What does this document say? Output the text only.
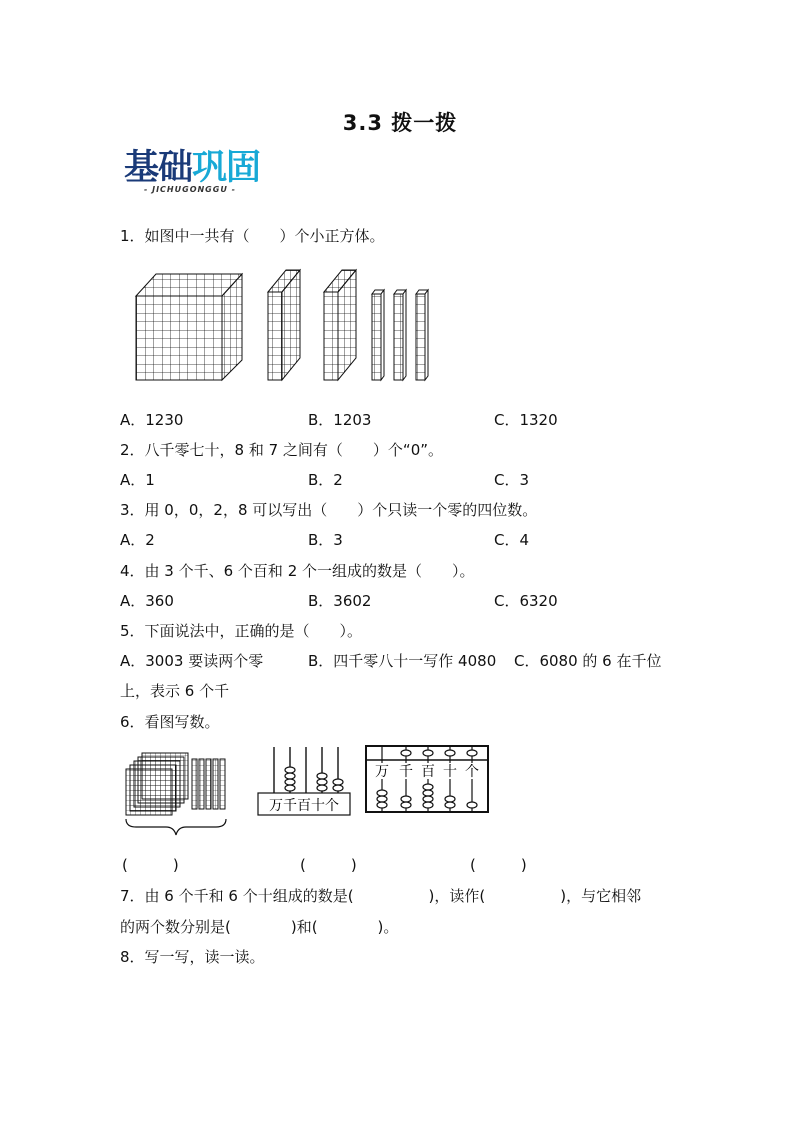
3.3 拨一拨
基础巩固
- JICHUGONGGU -
1．如图中一共有（　　）个小正方体。
A．1230	B．1203	C．1320
2．八千零七十，8 和 7 之间有（　　）个“0”。
A．1	B．2	C．3
3．用 0，0，2，8 可以写出（　　）个只读一个零的四位数。
A．2	B．3	C．4
4．由 3 个千、6 个百和 2 个一组成的数是（　　）。
A．360	B．3602	C．6320
5．下面说法中，正确的是（　　）。
A．3003 要读两个零	B．四千零八十一写作 4080 C．6080 的 6 在千位
上，表示 6 个千
6．看图写数。
万千百十个
万 千 百 十 个
(　　　)	(　　　)	(　　　)
7．由 6 个千和 6 个十组成的数是(　　　　　)，读作(　　　　　)，与它相邻
的两个数分别是(　　　　)和(　　　　)。
8．写一写，读一读。
